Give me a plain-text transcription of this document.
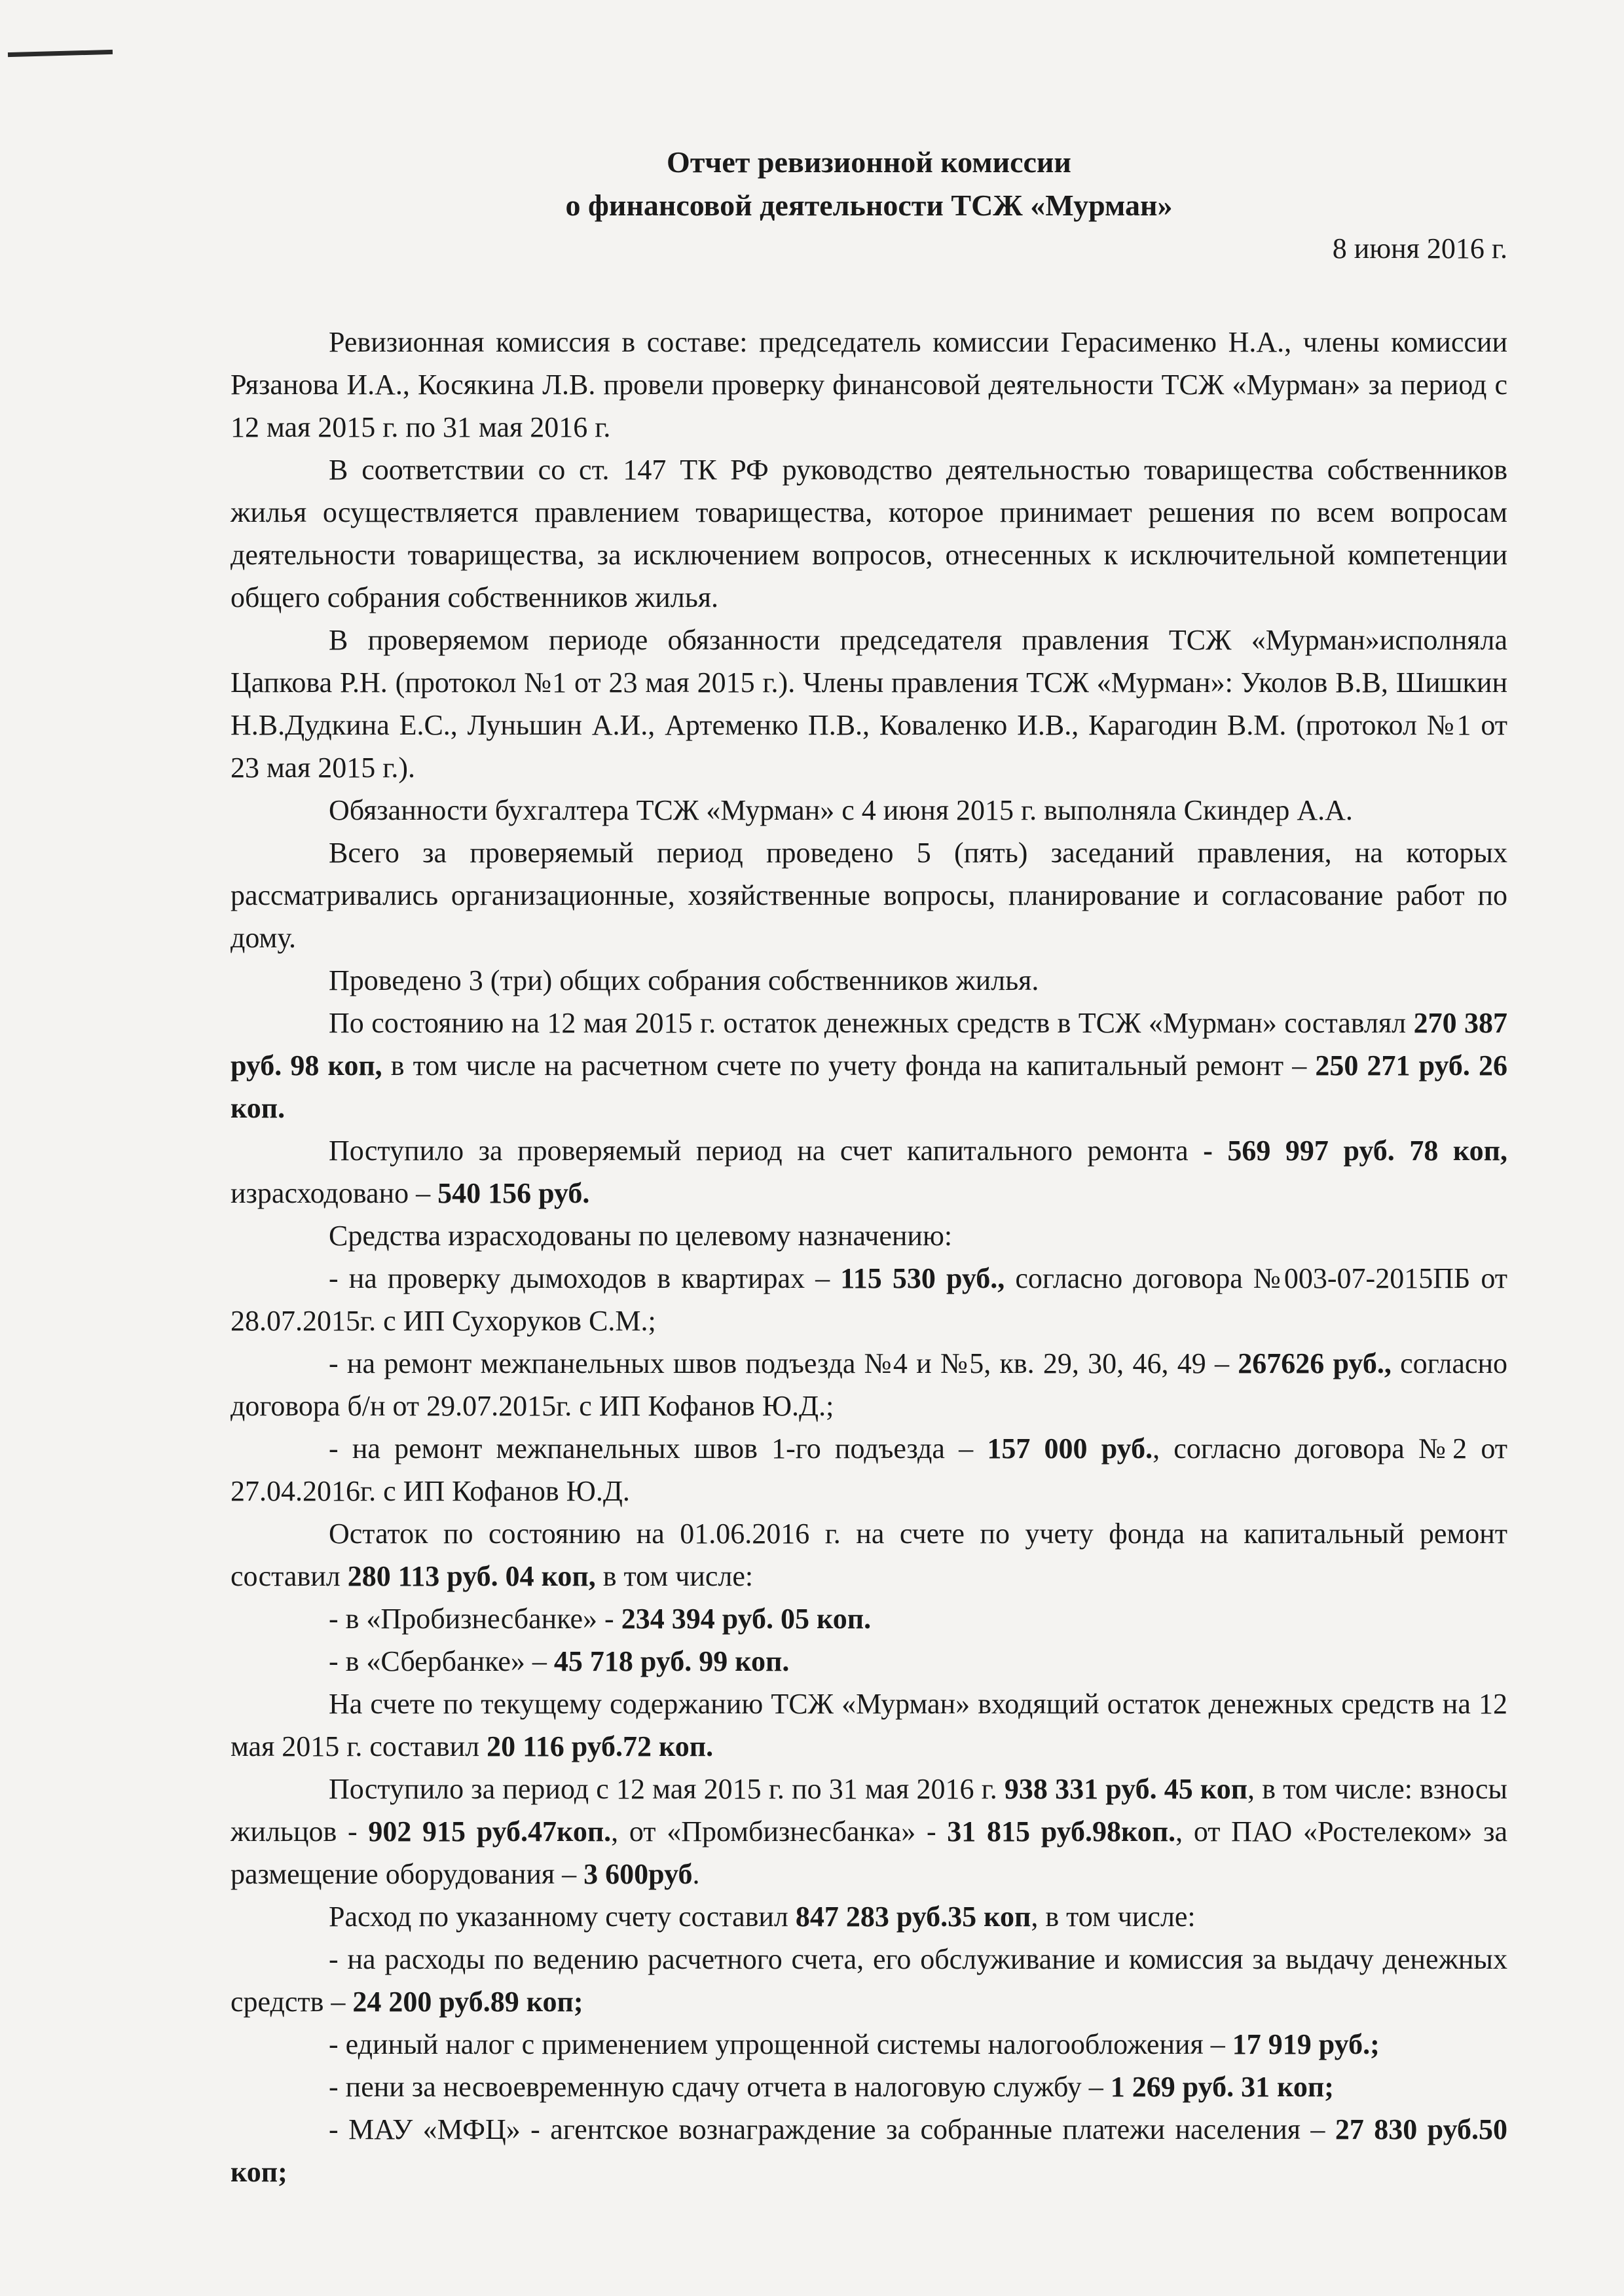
Отчет ревизионной комиссии
о финансовой деятельности ТСЖ «Мурман»

8 июня 2016 г.

Ревизионная комиссия в составе: председатель комиссии Герасименко Н.А., члены комиссии Рязанова И.А., Косякина Л.В. провели проверку финансовой деятельности ТСЖ «Мурман» за период с 12 мая 2015 г. по 31 мая 2016 г.

В соответствии со ст. 147 ТК РФ руководство деятельностью товарищества собственников жилья осуществляется правлением товарищества, которое принимает решения по всем вопросам деятельности товарищества, за исключением вопросов, отнесенных к исключительной компетенции общего собрания собственников жилья.

В проверяемом периоде обязанности председателя правления ТСЖ «Мурман»исполняла Цапкова Р.Н. (протокол №1 от 23 мая 2015 г.). Члены правления ТСЖ «Мурман»: Уколов В.В, Шишкин Н.В.Дудкина Е.С., Луньшин А.И., Артеменко П.В., Коваленко И.В., Карагодин В.М. (протокол №1 от 23 мая 2015 г.).

Обязанности бухгалтера ТСЖ «Мурман» с 4 июня 2015 г. выполняла Скиндер А.А.

Всего за проверяемый период проведено 5 (пять) заседаний правления, на которых рассматривались организационные, хозяйственные вопросы, планирование и согласование работ по дому.

Проведено 3 (три) общих собрания собственников жилья.

По состоянию на 12 мая 2015 г. остаток денежных средств в ТСЖ «Мурман» составлял 270 387 руб. 98 коп, в том числе на расчетном счете по учету фонда на капитальный ремонт – 250 271 руб. 26 коп.

Поступило за проверяемый период на счет капитального ремонта - 569 997 руб. 78 коп, израсходовано – 540 156 руб.

Средства израсходованы по целевому назначению:

- на проверку дымоходов в квартирах – 115 530 руб., согласно договора №003-07-2015ПБ от 28.07.2015г. с ИП Сухоруков С.М.;

- на ремонт межпанельных швов подъезда №4 и №5, кв. 29, 30, 46, 49 – 267626 руб., согласно договора б/н от 29.07.2015г. с ИП Кофанов Ю.Д.;

- на ремонт межпанельных швов 1-го подъезда – 157 000 руб., согласно договора №2 от 27.04.2016г. с ИП Кофанов Ю.Д.

Остаток по состоянию на 01.06.2016 г. на счете по учету фонда на капитальный ремонт составил 280 113 руб. 04 коп, в том числе:

- в «Пробизнесбанке» - 234 394 руб. 05 коп.

- в «Сбербанке» – 45 718 руб. 99 коп.

На счете по текущему содержанию ТСЖ «Мурман» входящий остаток денежных средств на 12 мая 2015 г. составил 20 116 руб.72 коп.

Поступило за период с 12 мая 2015 г. по 31 мая 2016 г. 938 331 руб. 45 коп, в том числе: взносы жильцов - 902 915 руб.47коп., от «Промбизнесбанка» - 31 815 руб.98коп., от ПАО «Ростелеком» за размещение оборудования – 3 600руб.

Расход по указанному счету составил 847 283 руб.35 коп, в том числе:

- на расходы по ведению расчетного счета, его обслуживание и комиссия за выдачу денежных средств – 24 200 руб.89 коп;

- единый налог с применением упрощенной системы налогообложения – 17 919 руб.;

- пени за несвоевременную сдачу отчета в налоговую службу – 1 269 руб. 31 коп;

- МАУ «МФЦ» - агентское вознаграждение за собранные платежи населения – 27 830 руб.50 коп;
